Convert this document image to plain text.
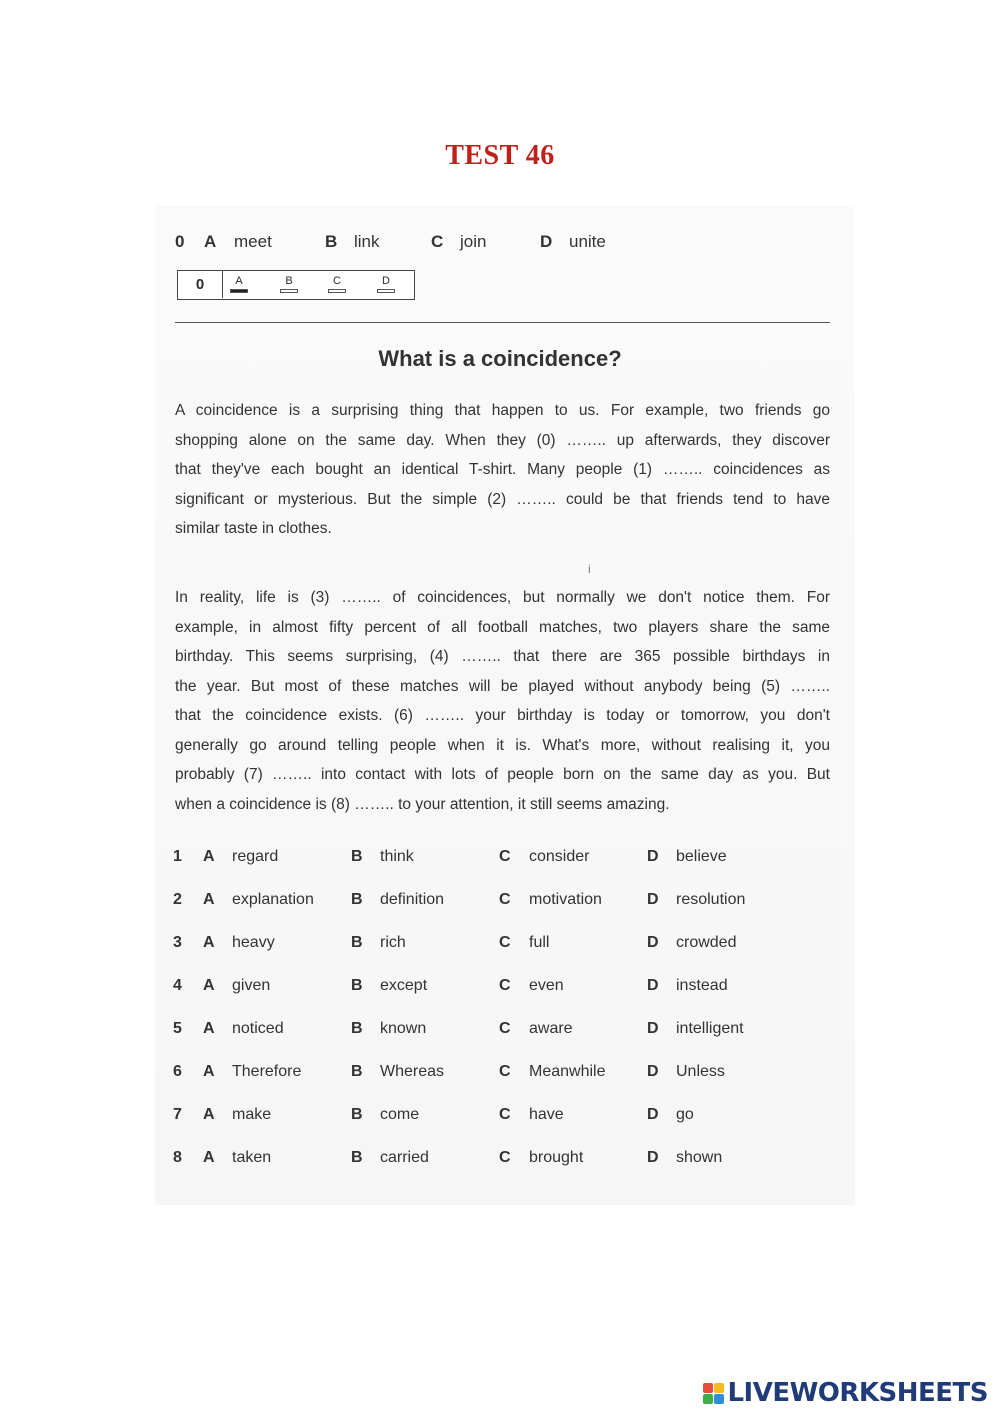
TEST 46
0 A meet	B link	C join	D unite
0	A	B	C	D
What is a coincidence?
A coincidence is a surprising thing that happen to us. For example, two friends go
shopping alone on the same day. When they (0) …….. up afterwards, they discover
that they've each bought an identical T-shirt. Many people (1) …….. coincidences as
significant or mysterious. But the simple (2) …….. could be that friends tend to have
similar taste in clothes.
i
In reality, life is (3) …….. of coincidences, but normally we don't notice them. For
example, in almost fifty percent of all football matches, two players share the same
birthday. This seems surprising, (4) …….. that there are 365 possible birthdays in
the year. But most of these matches will be played without anybody being (5) ……..
that the coincidence exists. (6) …….. your birthday is today or tomorrow, you don't
generally go around telling people when it is. What's more, without realising it, you
probably (7) …….. into contact with lots of people born on the same day as you. But
when a coincidence is (8) …….. to your attention, it still seems amazing.
1 A regard	B think	C consider	D believe
2 A explanation B definition	C motivation	D resolution
3 A heavy	B rich	C full	D crowded
4 A given	B except	C even	D instead
5 A noticed	B known	C aware	D intelligent
6 A Therefore	B Whereas	C Meanwhile	D Unless
7 A make	B come	C have	D go
8 A taken	B carried	C brought	D shown
LIVEWORKSHEETS
